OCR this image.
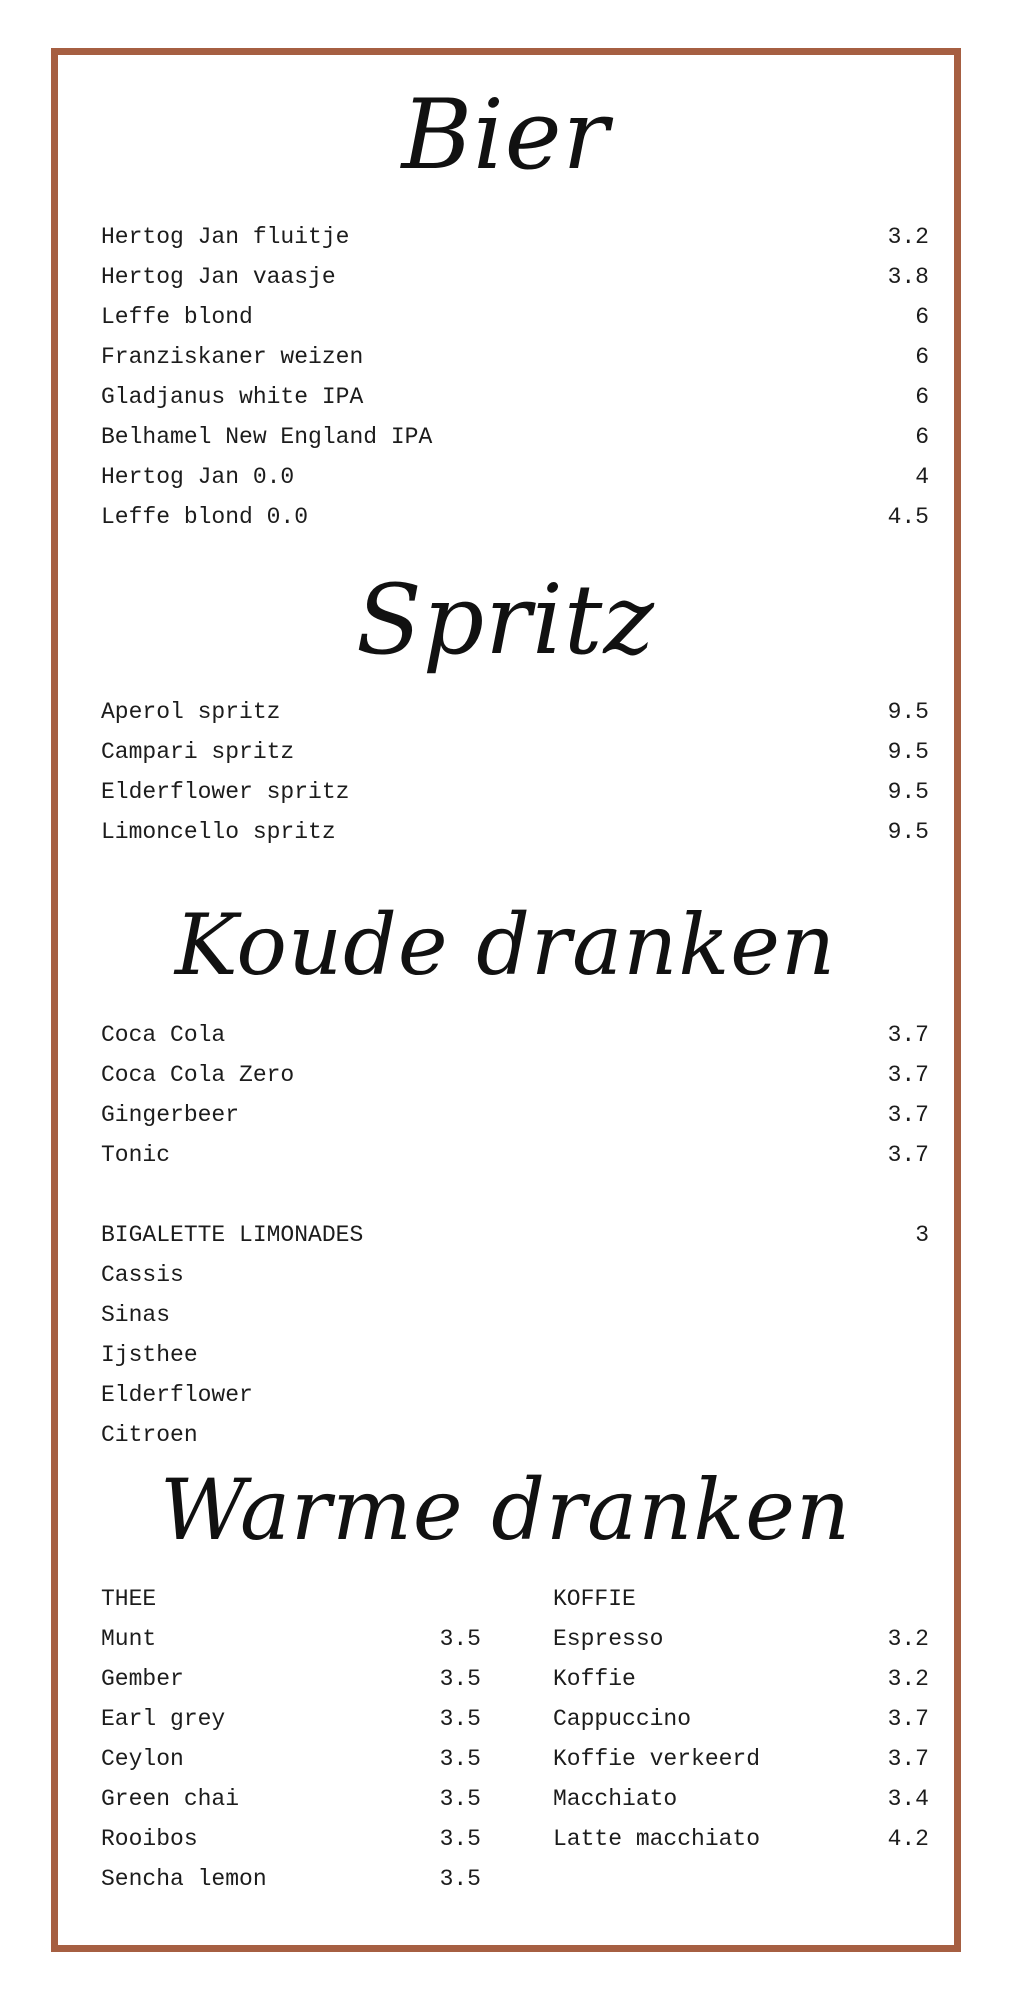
Bier
Hertog Jan fluitje	3.2
Hertog Jan vaasje	3.8
Leffe blond	6
Franziskaner weizen	6
Gladjanus white IPA	6
Belhamel New England IPA	6
Hertog Jan 0.0	4
Leffe blond 0.0	4.5
Spritz
Aperol spritz	9.5
Campari spritz	9.5
Elderflower spritz	9.5
Limoncello spritz	9.5
Koude dranken
Coca Cola	3.7
Coca Cola Zero	3.7
Gingerbeer	3.7
Tonic	3.7
BIGALETTE LIMONADES	3
Cassis
Sinas
Ijsthee
Elderflower
Citroen
Warme dranken
THEE
Munt	3.5
Gember	3.5
Earl grey	3.5
Ceylon	3.5
Green chai	3.5
Rooibos	3.5
Sencha lemon	3.5
KOFFIE
Espresso	3.2
Koffie	3.2
Cappuccino	3.7
Koffie verkeerd	3.7
Macchiato	3.4
Latte macchiato	4.2
